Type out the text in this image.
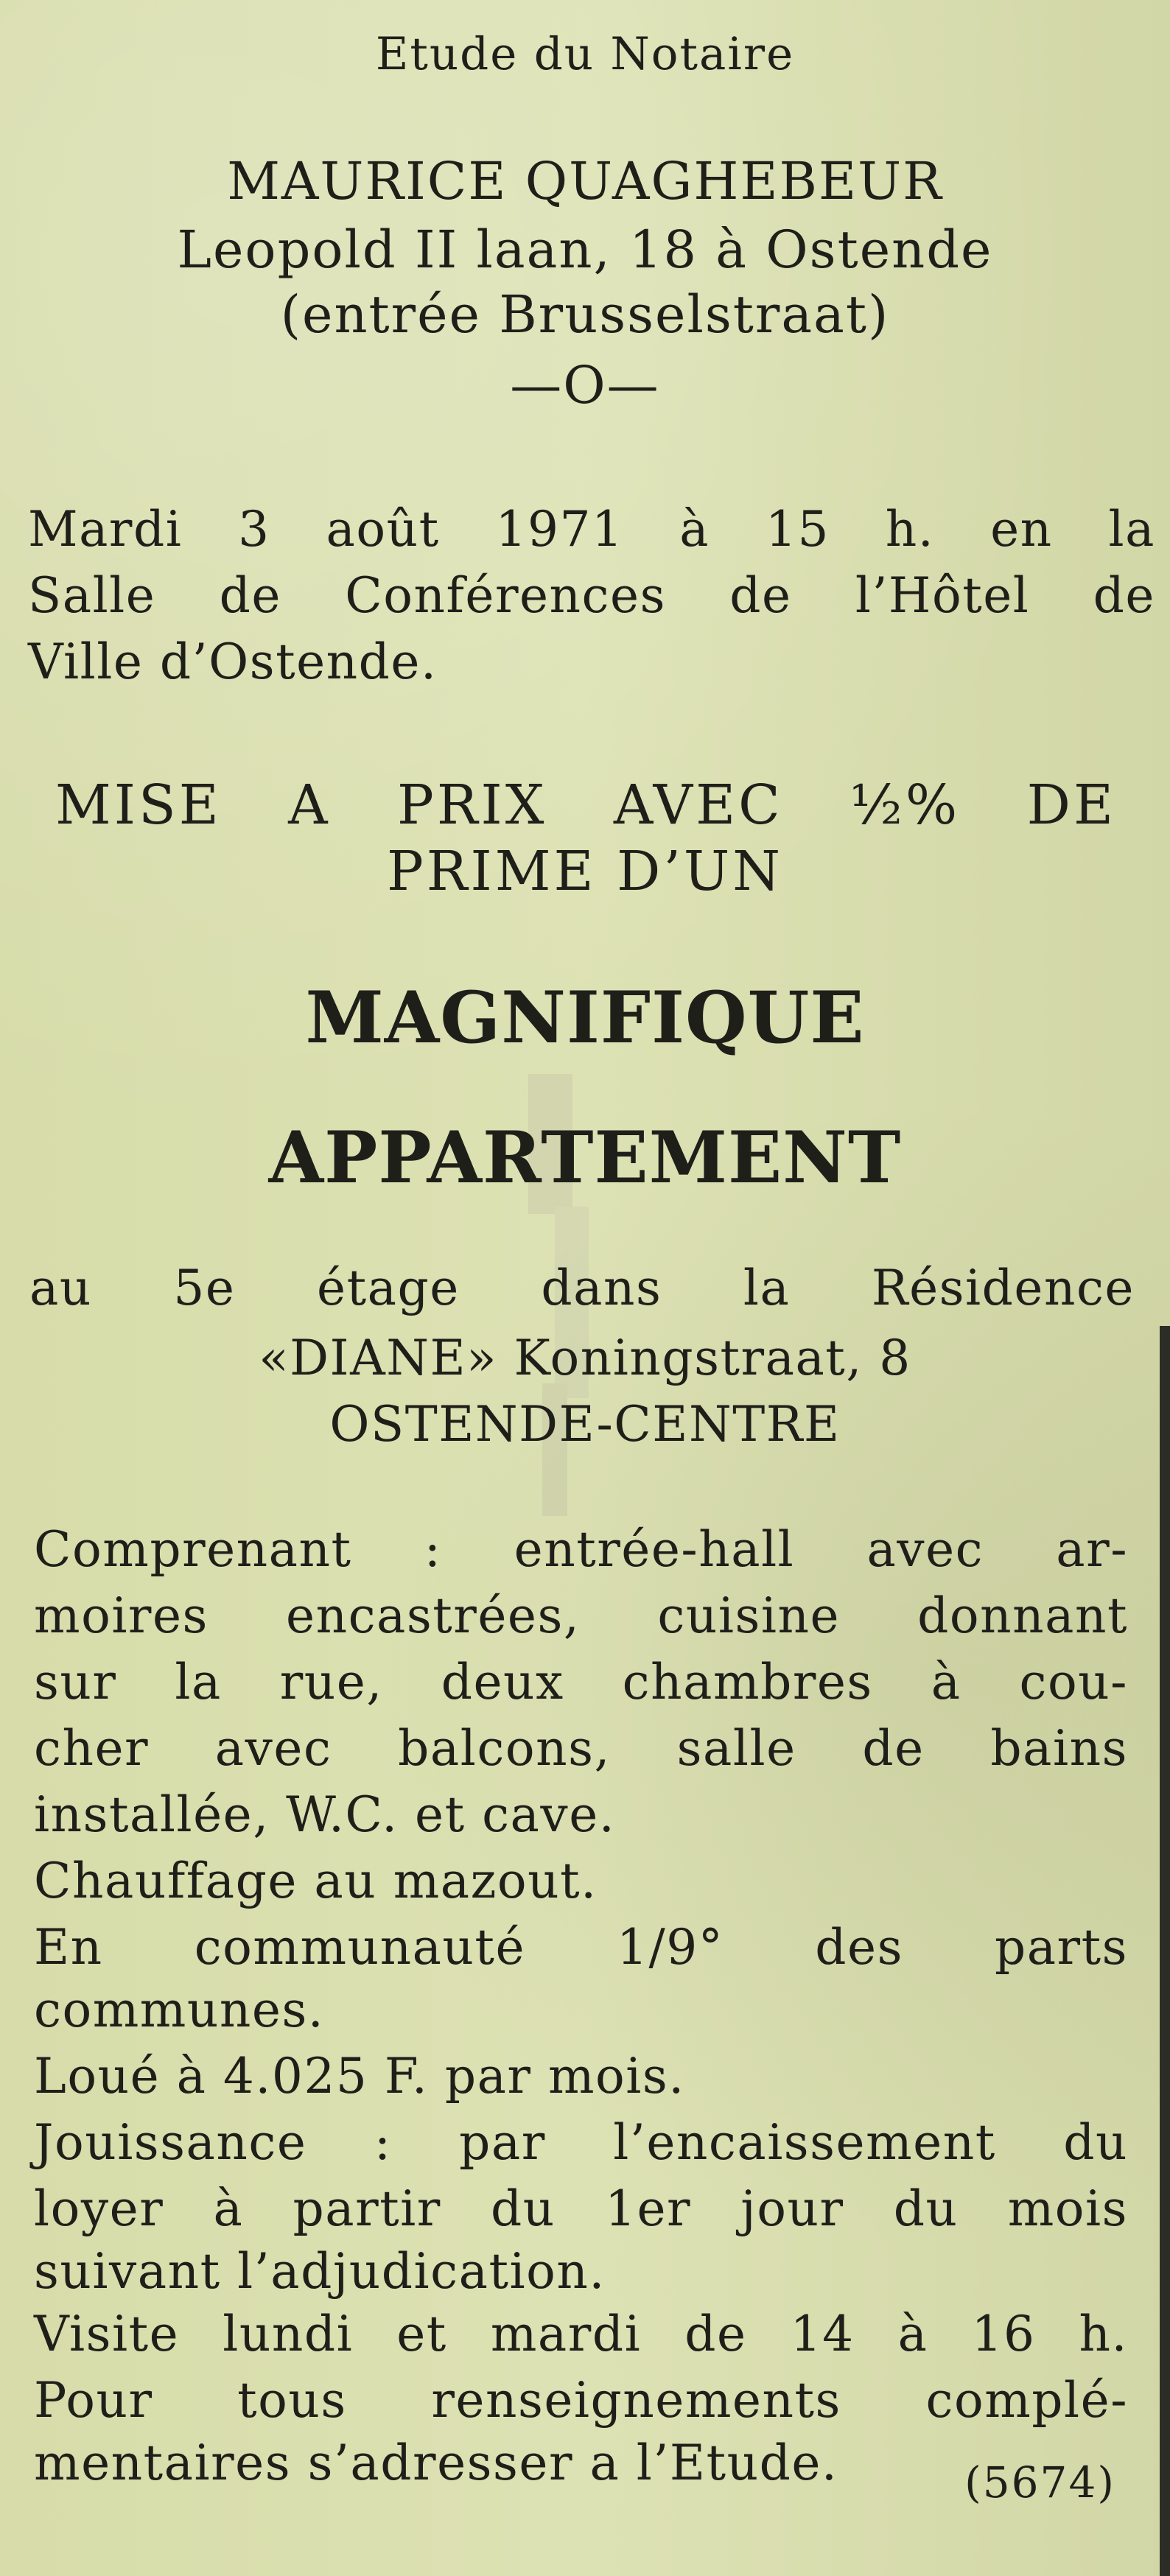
Etude du Notaire
MAURICE QUAGHEBEUR
Leopold II laan, 18 à Ostende
(entrée Brusselstraat)
—O—
Mardi 3 août 1971 à 15 h. en la
Salle de Conférences de l’Hôtel de
Ville d’Ostende.
MISE A PRIX AVEC ½% DE
PRIME D’UN
MAGNIFIQUE
APPARTEMENT
au 5e étage dans la Résidence
«DIANE» Koningstraat, 8
OSTENDE-CENTRE
Comprenant : entrée-hall avec ar-
moires encastrées, cuisine donnant
sur la rue, deux chambres à cou-
cher avec balcons, salle de bains
installée, W.C. et cave.
Chauffage au mazout.
En communauté 1/9° des parts
communes.
Loué à 4.025 F. par mois.
Jouissance : par l’encaissement du
loyer à partir du 1er jour du mois
suivant l’adjudication.
Visite lundi et mardi de 14 à 16 h.
Pour tous renseignements complé-
mentaires s’adresser a l’Etude.	(5674)
